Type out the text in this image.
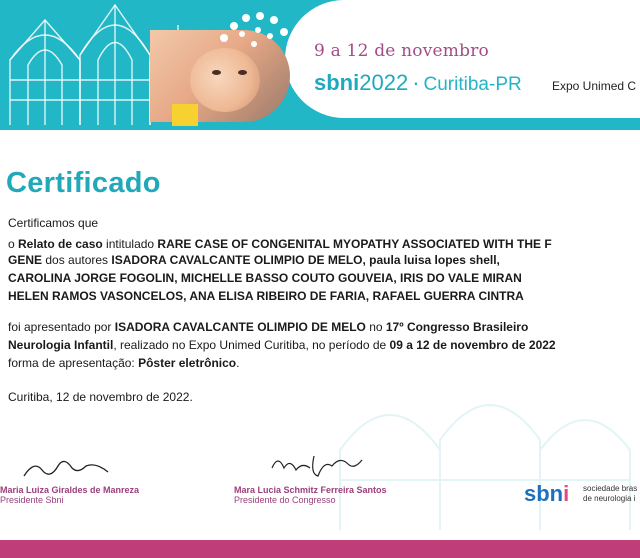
9 a 12 de novembro
sbni2022 · Curitiba-PR	Expo Unimed C
Certificado
Certificamos que
o Relato de caso intitulado RARE CASE OF CONGENITAL MYOPATHY ASSOCIATED WITH THE F
GENE dos autores ISADORA CAVALCANTE OLIMPIO DE MELO, paula luisa lopes shell,
CAROLINA JORGE FOGOLIN, MICHELLE BASSO COUTO GOUVEIA, IRIS DO VALE MIRAN
HELEN RAMOS VASONCELOS, ANA ELISA RIBEIRO DE FARIA, RAFAEL GUERRA CINTRA
foi apresentado por ISADORA CAVALCANTE OLIMPIO DE MELO no 17º Congresso Brasileiro
Neurologia Infantil, realizado no Expo Unimed Curitiba, no período de 09 a 12 de novembro de 2022
forma de apresentação: Pôster eletrônico.
Curitiba, 12 de novembro de 2022.
Maria Luiza Giraldes de Manreza
Presidente Sbni
Mara Lucia Schmitz Ferreira Santos
Presidente do Congresso	sbni sociedade bras
de neurologia i
